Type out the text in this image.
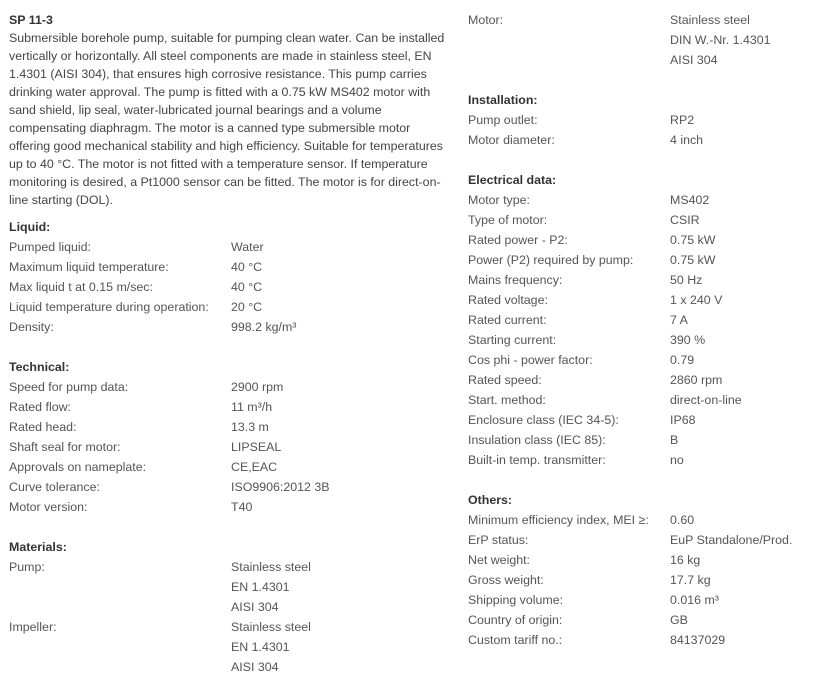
SP 11-3

Submersible borehole pump, suitable for pumping clean water. Can be installed vertically or horizontally. All steel components are made in stainless steel, EN 1.4301 (AISI 304), that ensures high corrosive resistance. This pump carries drinking water approval. The pump is fitted with a 0.75 kW MS402 motor with sand shield, lip seal, water-lubricated journal bearings and a volume compensating diaphragm. The motor is a canned type submersible motor offering good mechanical stability and high efficiency. Suitable for temperatures up to 40 °C. The motor is not fitted with a temperature sensor. If temperature monitoring is desired, a Pt1000 sensor can be fitted. The motor is for direct-on-line starting (DOL).

Liquid:
Pumped liquid:	Water
Maximum liquid temperature:	40 °C
Max liquid t at 0.15 m/sec:	40 °C
Liquid temperature during operation:	20 °C
Density:	998.2 kg/m³
Technical:
Speed for pump data:	2900 rpm
Rated flow:	11 m³/h
Rated head:	13.3 m
Shaft seal for motor:	LIPSEAL
Approvals on nameplate:	CE,EAC
Curve tolerance:	ISO9906:2012 3B
Motor version:	T40
Materials:
Pump:	Stainless steel
EN 1.4301
AISI 304
Impeller:	Stainless steel
EN 1.4301
AISI 304
Motor:	Stainless steel
DIN W.-Nr. 1.4301
AISI 304
Installation:
Pump outlet:	RP2
Motor diameter:	4 inch
Electrical data:
Motor type:	MS402
Type of motor:	CSIR
Rated power - P2:	0.75 kW
Power (P2) required by pump:	0.75 kW
Mains frequency:	50 Hz
Rated voltage:	1 x 240 V
Rated current:	7 A
Starting current:	390 %
Cos phi - power factor:	0.79
Rated speed:	2860 rpm
Start. method:	direct-on-line
Enclosure class (IEC 34-5):	IP68
Insulation class (IEC 85):	B
Built-in temp. transmitter:	no
Others:
Minimum efficiency index, MEI ≥:	0.60
ErP status:	EuP Standalone/Prod.
Net weight:	16 kg
Gross weight:	17.7 kg
Shipping volume:	0.016 m³
Country of origin:	GB
Custom tariff no.:	84137029
